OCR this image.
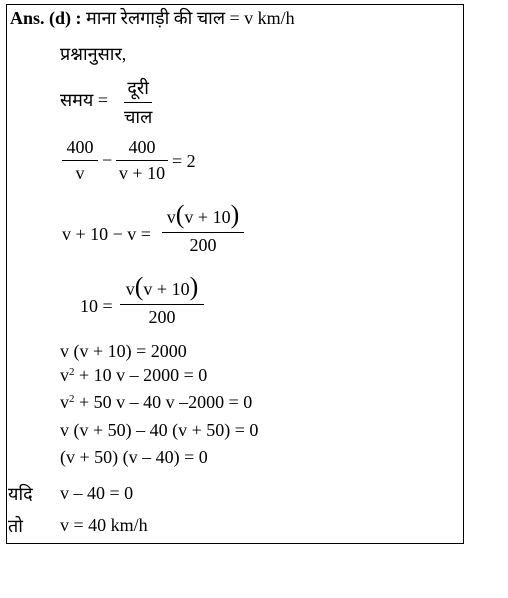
Ans. (d) : माना रेलगाड़ी की चाल = v km/h
प्रश्नानुसार,
समय =
दूरी
चाल
400
v
−
400
v + 10
= 2
v + 10 − v =
v(v + 10)
200
10 =
v(v + 10)
200
v (v + 10) = 2000
$v^2 + 10$ v – 2000 = 0
$v^2 + 50$ v – 40 v –2000 = 0
v (v + 50) – 40 (v + 50) = 0
(v + 50) (v – 40) = 0
यदि v – 40 = 0
तो v = 40 km/h
